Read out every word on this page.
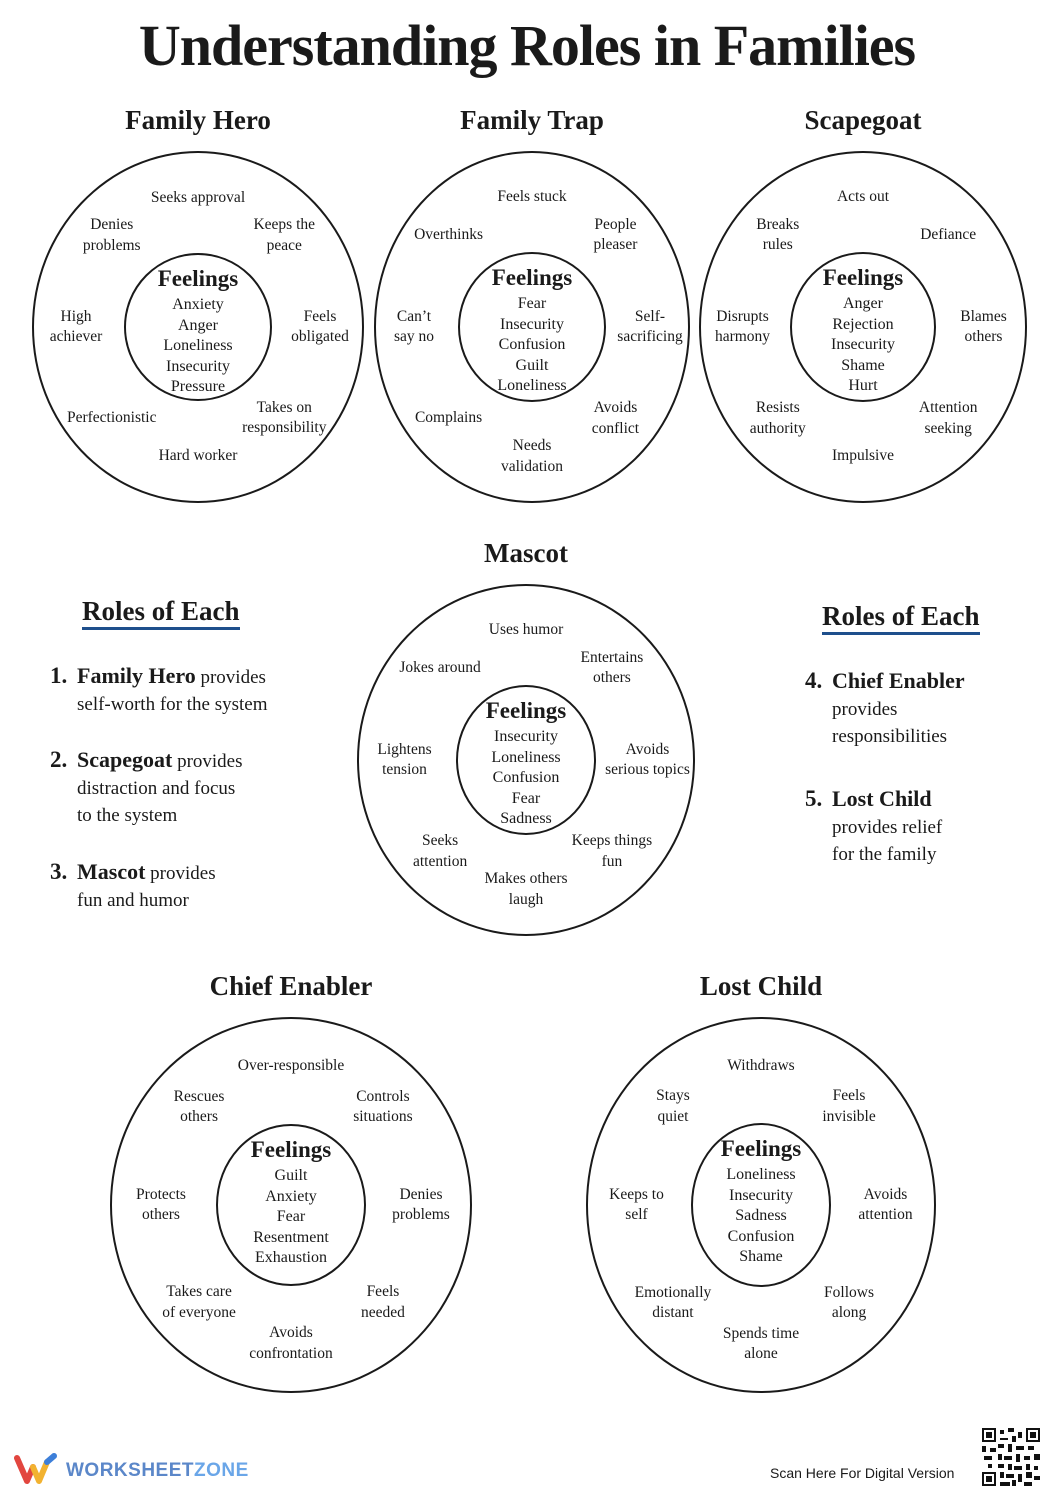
Understanding Roles in Families
Family Hero
Feelings
Anxiety
Anger
Loneliness
Insecurity
Pressure
Seeks approval
Keeps the
peace
Feels
obligated
Takes on
responsibility
Hard worker
Perfectionistic
High
achiever
Denies
problems
Family Trap
Feelings
Fear
Insecurity
Confusion
Guilt
Loneliness
Feels stuck
People
pleaser
Self-
sacrificing
Avoids
conflict
Needs
validation
Complains
Can’t
say no
Overthinks
Scapegoat
Feelings
Anger
Rejection
Insecurity
Shame
Hurt
Acts out
Defiance
Blames
others
Attention
seeking
Impulsive
Resists
authority
Disrupts
harmony
Breaks
rules
Mascot
Feelings
Insecurity
Loneliness
Confusion
Fear
Sadness
Uses humor
Entertains
others
Avoids
serious topics
Keeps things
fun
Makes others
laugh
Seeks
attention
Lightens
tension
Jokes around
Chief Enabler
Feelings
Guilt
Anxiety
Fear
Resentment
Exhaustion
Over-responsible
Controls
situations
Denies
problems
Feels
needed
Avoids
confrontation
Takes care
of everyone
Protects
others
Rescues
others
Lost Child
Feelings
Loneliness
Insecurity
Sadness
Confusion
Shame
Withdraws
Feels
invisible
Avoids
attention
Follows
along
Spends time
alone
Emotionally
distant
Keeps to
self
Stays
quiet
Roles of Each
1. Family Hero provides
self-worth for the system
2. Scapegoat provides
distraction and focus
to the system
3. Mascot provides
fun and humor
Roles of Each
4. Chief Enabler
provides
responsibilities
5. Lost Child
provides relief
for the family
WORKSHEETZONE	Scan Here For Digital Version
